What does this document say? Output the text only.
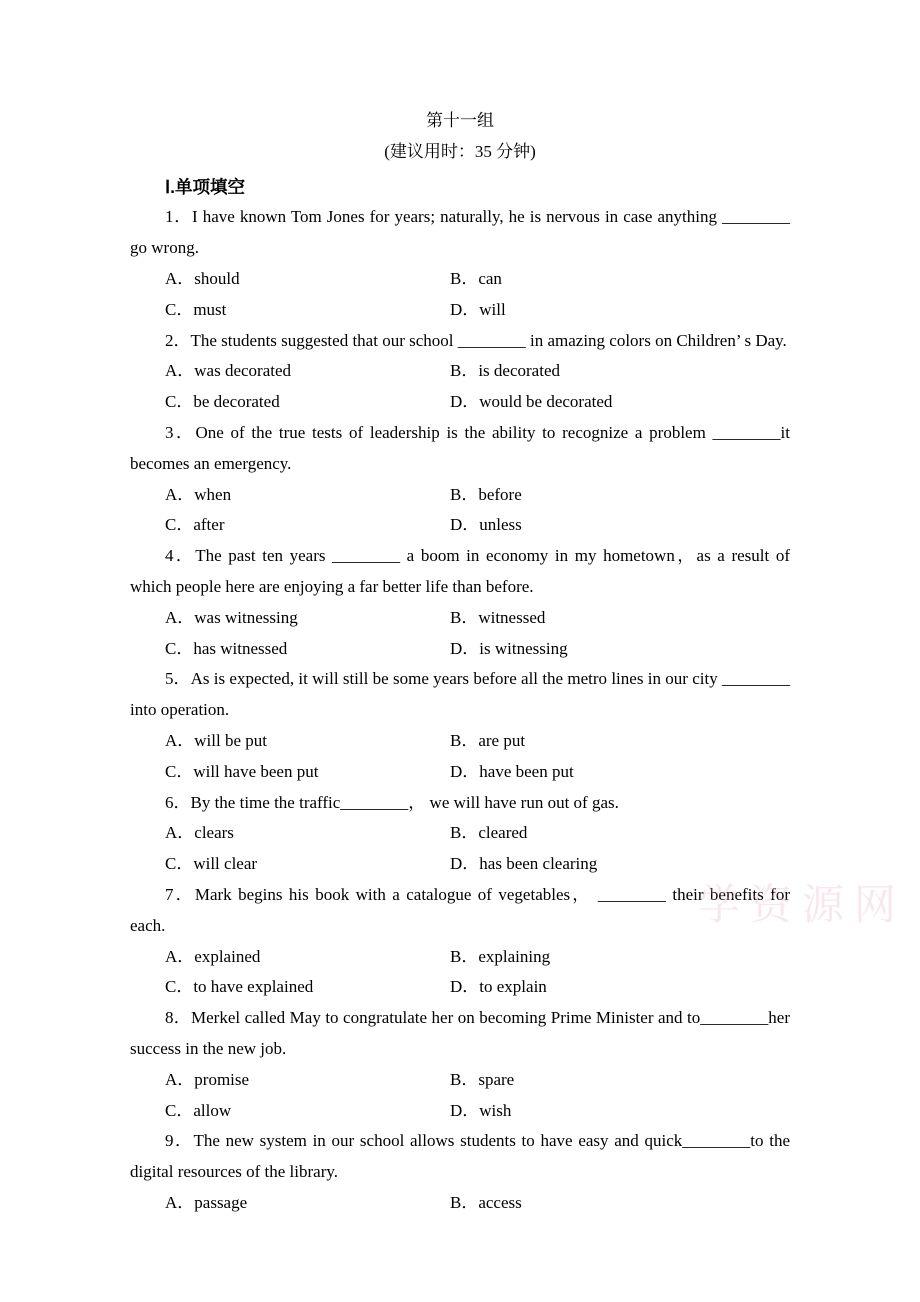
第十一组

(建议用时：35 分钟)

Ⅰ.单项填空

1．I have known Tom Jones for years; naturally, he is nervous in case anything ________ go wrong.

A．should	B．can
C．must	D．will

2．The students suggested that our school ________ in amazing colors on Children’ s Day.

A．was decorated	B．is decorated
C．be decorated	D．would be decorated

3．One of the true tests of leadership is the ability to recognize a problem ________it becomes an emergency.

A．when	B．before
C．after	D．unless

4．The past ten years ________ a boom in economy in my hometown，as a result of which people here are enjoying a far better life than before.

A．was witnessing	B．witnessed
C．has witnessed	D．is witnessing

5．As is expected, it will still be some years before all the metro lines in our city ________ into operation.

A．will be put	B．are put
C．will have been put	D．have been put

6．By the time the traffic________， we will have run out of gas.

A．clears	B．cleared
C．will clear	D．has been clearing

7．Mark begins his book with a catalogue of vegetables， ________ their benefits for each.

A．explained	B．explaining
C．to have explained	D．to explain

8．Merkel called May to congratulate her on becoming Prime Minister and to________her success in the new job.

A．promise	B．spare
C．allow	D．wish

9．The new system in our school allows students to have easy and quick________to the digital resources of the library.

A．passage	B．access
学资源网
